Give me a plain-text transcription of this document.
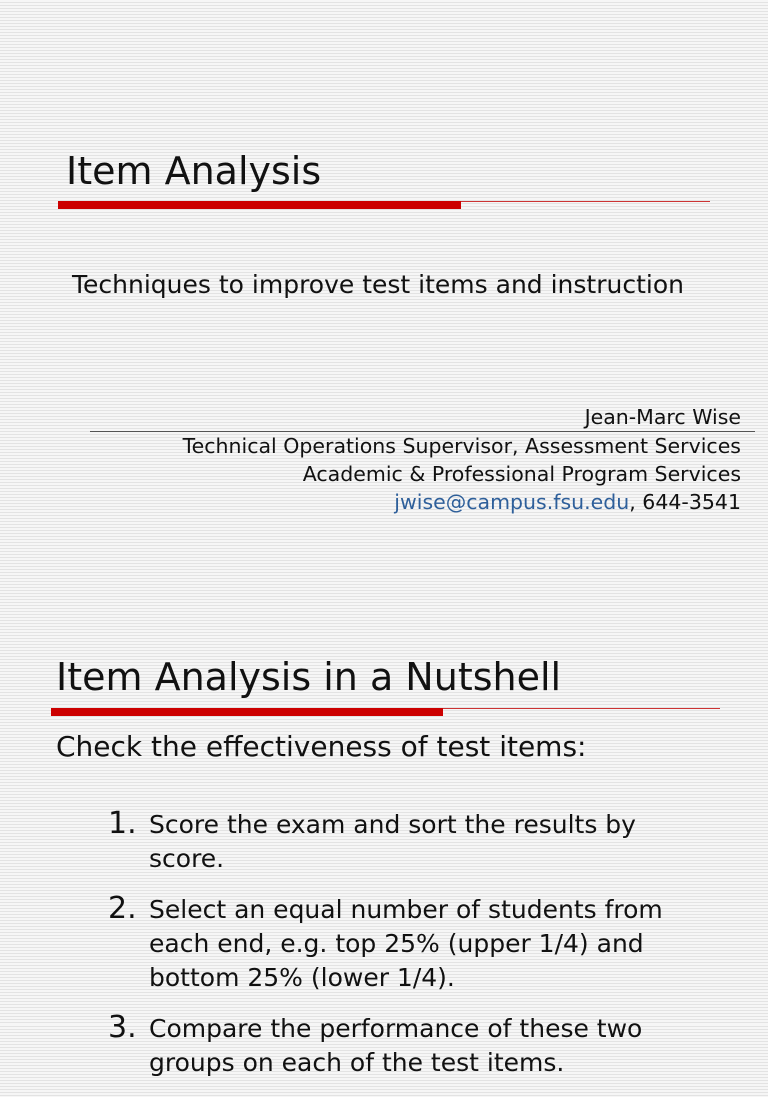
Item Analysis

Techniques to improve test items and instruction

Jean-Marc Wise
Technical Operations Supervisor, Assessment Services
Academic & Professional Program Services
jwise@campus.fsu.edu, 644-3541
Item Analysis in a Nutshell

Check the effectiveness of test items:

1. Score the exam and sort the results by score.
2. Select an equal number of students from each end, e.g. top 25% (upper 1/4) and bottom 25% (lower 1/4).
3. Compare the performance of these two groups on each of the test items.
